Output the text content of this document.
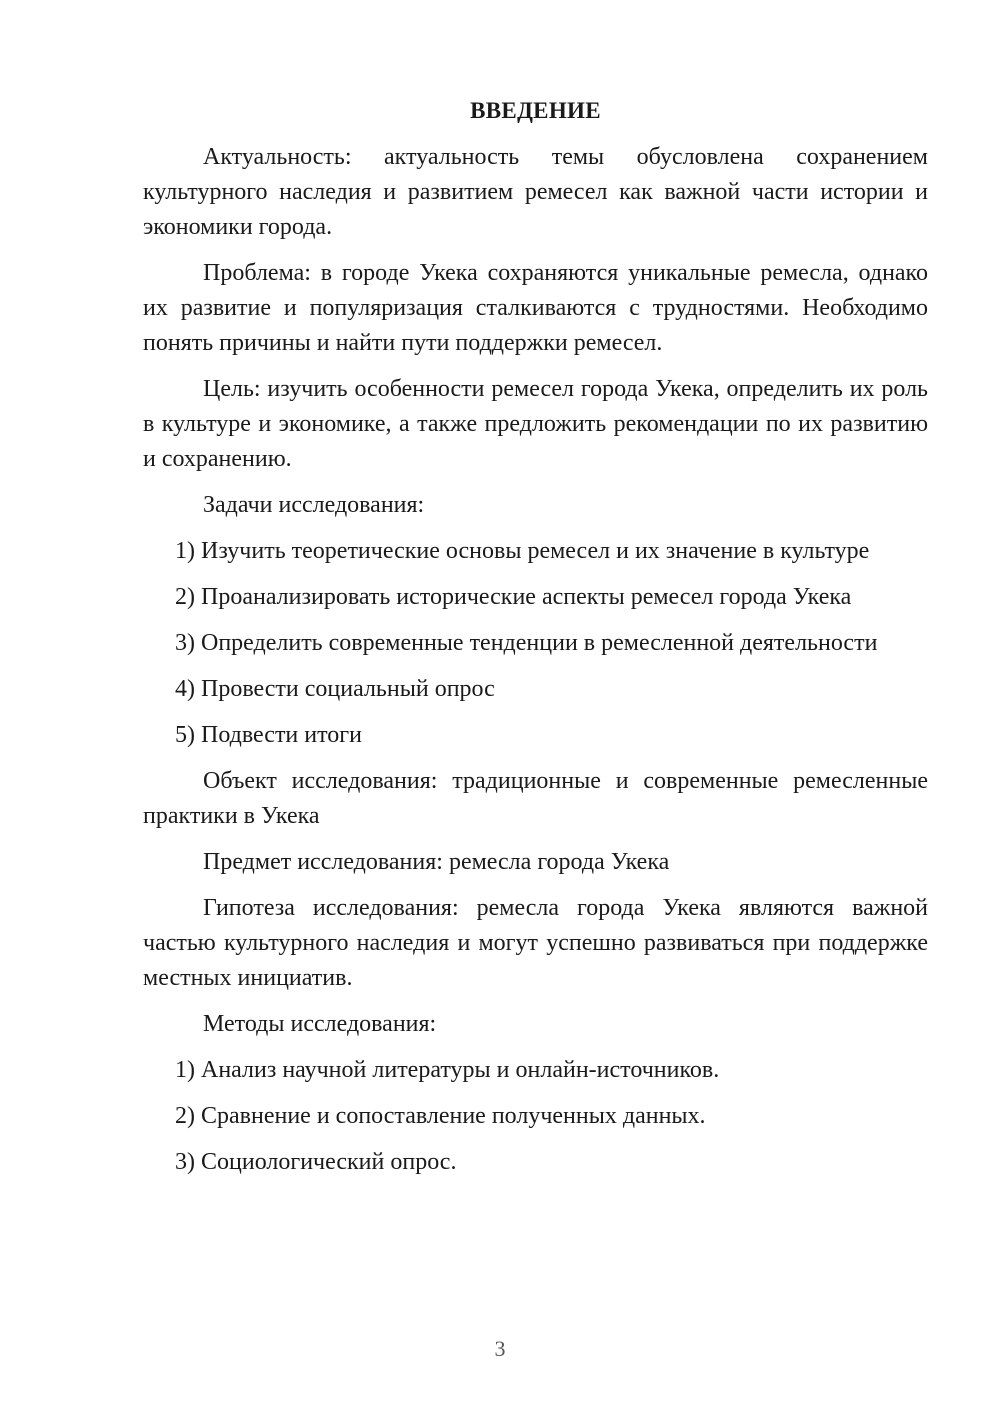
ВВЕДЕНИЕ

Актуальность: актуальность темы обусловлена сохранением культурного наследия и развитием ремесел как важной части истории и экономики города.

Проблема: в городе Укека сохраняются уникальные ремесла, однако их развитие и популяризация сталкиваются с трудностями. Необходимо понять причины и найти пути поддержки ремесел.

Цель: изучить особенности ремесел города Укека, определить их роль в культуре и экономике, а также предложить рекомендации по их развитию и сохранению.

Задачи исследования:
1) Изучить теоретические основы ремесел и их значение в культуре
2) Проанализировать исторические аспекты ремесел города Укека
3) Определить современные тенденции в ремесленной деятельности
4) Провести социальный опрос
5) Подвести итоги

Объект исследования: традиционные и современные ремесленные практики в Укека

Предмет исследования: ремесла города Укека

Гипотеза исследования: ремесла города Укека являются важной частью культурного наследия и могут успешно развиваться при поддержке местных инициатив.

Методы исследования:
1) Анализ научной литературы и онлайн-источников.
2) Сравнение и сопоставление полученных данных.
3) Социологический опрос.
3
